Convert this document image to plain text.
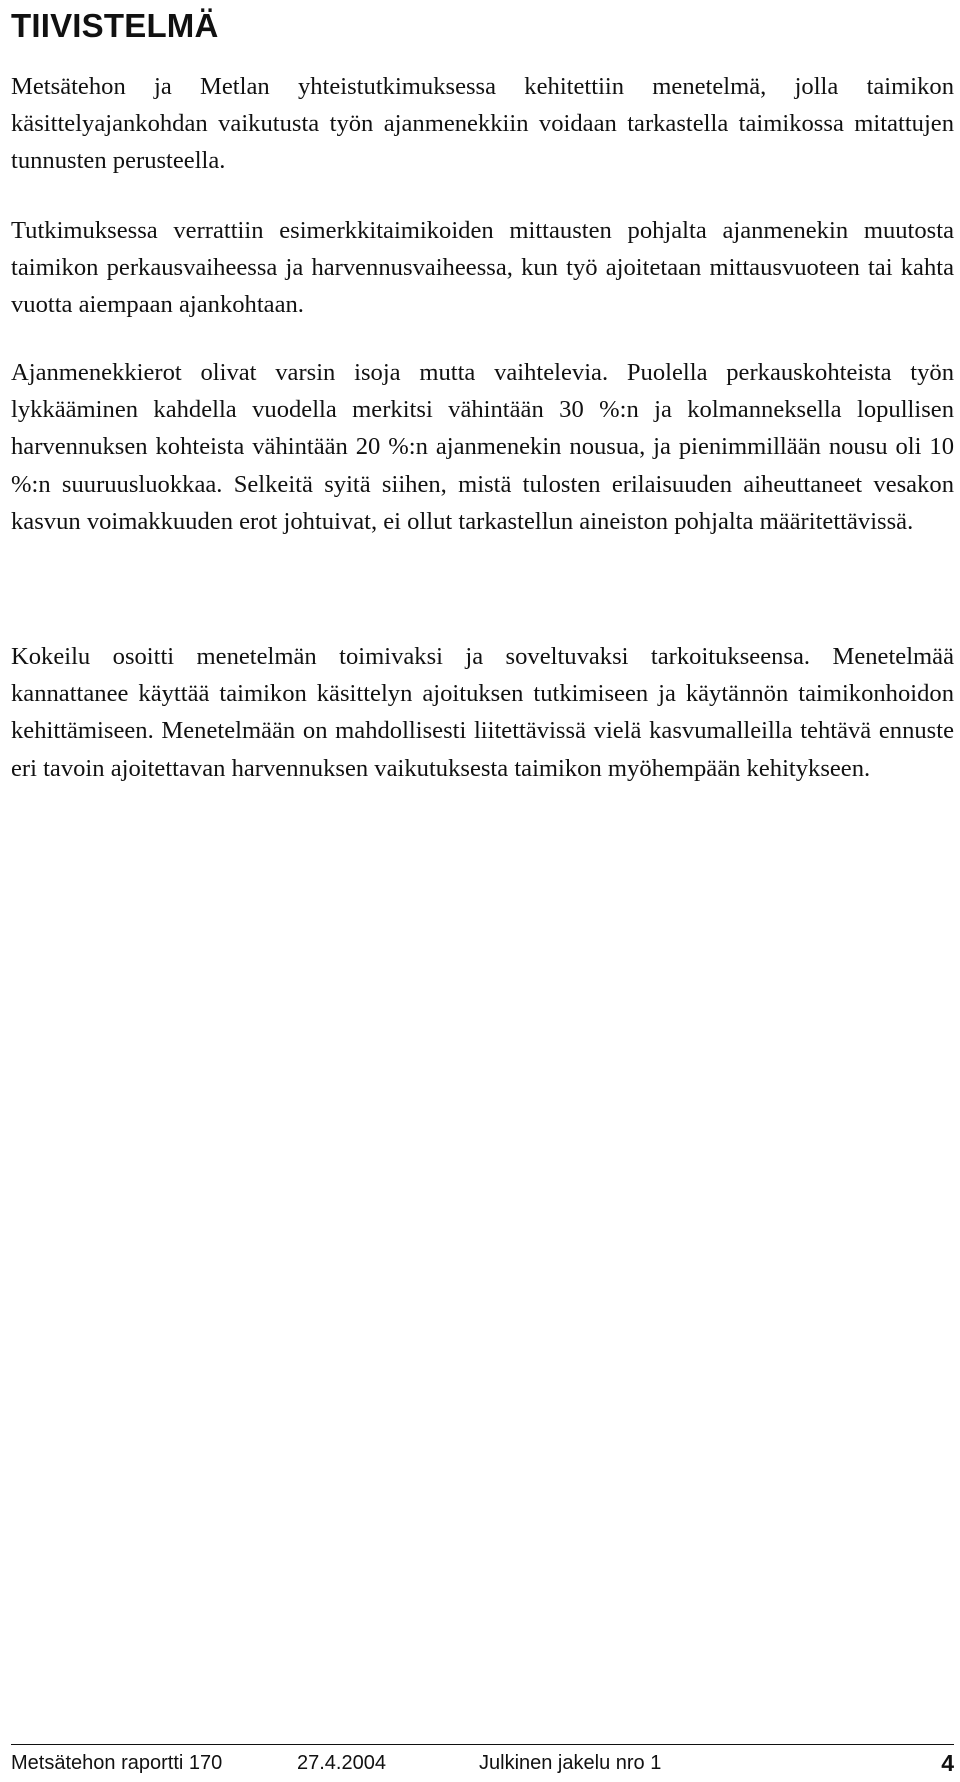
TIIVISTELMÄ

Metsätehon ja Metlan yhteistutkimuksessa kehitettiin menetelmä, jolla taimikon käsittelyajankohdan vaikutusta työn ajanmenekkiin voidaan tarkastella taimikossa mitattujen tunnusten perusteella.

Tutkimuksessa verrattiin esimerkkitaimikoiden mittausten pohjalta ajanmenekin muutosta taimikon perkausvaiheessa ja harvennusvaiheessa, kun työ ajoitetaan mittausvuoteen tai kahta vuotta aiempaan ajankohtaan.

Ajanmenekkierot olivat varsin isoja mutta vaihtelevia. Puolella perkauskohteista työn lykkääminen kahdella vuodella merkitsi vähintään 30 %:n ja kolmanneksella lopullisen harvennuksen kohteista vähintään 20 %:n ajanmenekin nousua, ja pienimmillään nousu oli 10 %:n suuruusluokkaa. Selkeitä syitä siihen, mistä tulosten erilaisuuden aiheuttaneet vesakon kasvun voimakkuuden erot johtuivat, ei ollut tarkastellun aineiston pohjalta määritettävissä.

Kokeilu osoitti menetelmän toimivaksi ja soveltuvaksi tarkoitukseensa. Menetelmää kannattanee käyttää taimikon käsittelyn ajoituksen tutkimiseen ja käytännön taimikonhoidon kehittämiseen. Menetelmään on mahdollisesti liitettävissä vielä kasvumalleilla tehtävä ennuste eri tavoin ajoitettavan harvennuksen vaikutuksesta taimikon myöhempään kehitykseen.

Metsätehon raportti 170	27.4.2004	Julkinen jakelu nro 1	4
